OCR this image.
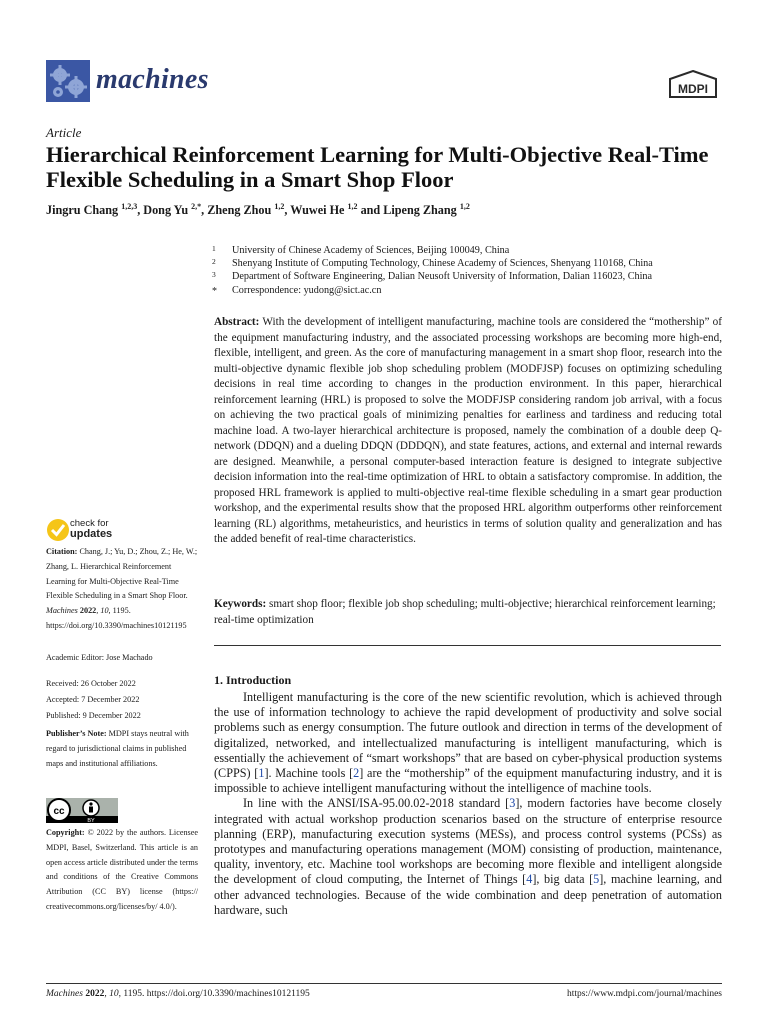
machines	MDPI
Article
Hierarchical Reinforcement Learning for Multi-Objective Real-Time Flexible Scheduling in a Smart Shop Floor
Jingru Chang $^{1,2,3}$, Dong Yu $^{2,*}$, Zheng Zhou $^{1,2}$, Wuwei He $^{1,2}$ and Lipeng Zhang $^{1,2}$
1 University of Chinese Academy of Sciences, Beijing 100049, China
2 Shenyang Institute of Computing Technology, Chinese Academy of Sciences, Shenyang 110168, China
3 Department of Software Engineering, Dalian Neusoft University of Information, Dalian 116023, China
* Correspondence: yudong@sict.ac.cn
Abstract: With the development of intelligent manufacturing, machine tools are considered the “mothership” of the equipment manufacturing industry, and the associated processing workshops are becoming more high-end, flexible, intelligent, and green. As the core of manufacturing management in a smart shop floor, research into the multi-objective dynamic flexible job shop scheduling problem (MODFJSP) focuses on optimizing scheduling decisions in real time according to changes in the production environment. In this paper, hierarchical reinforcement learning (HRL) is proposed to solve the MODFJSP considering random job arrival, with a focus on achieving the two practical goals of minimizing penalties for earliness and tardiness and reducing total machine load. A two-layer hierarchical architecture is proposed, namely the combination of a double deep Q-network (DDQN) and a dueling DDQN (DDDQN), and state features, actions, and external and internal rewards are designed. Meanwhile, a personal computer-based interaction feature is designed to integrate subjective decision information into the real-time optimization of HRL to obtain a satisfactory compromise. In addition, the proposed HRL framework is applied to multi-objective real-time flexible scheduling in a smart gear production workshop, and the experimental results show that the proposed HRL algorithm outperforms other reinforcement learning (RL) algorithms, metaheuristics, and heuristics in terms of solution quality and generalization and has the added benefit of real-time characteristics.
Keywords: smart shop floor; flexible job shop scheduling; multi-objective; hierarchical reinforcement learning; real-time optimization
check for
updates
Citation: Chang, J.; Yu, D.; Zhou, Z.; He, W.; Zhang, L. Hierarchical Reinforcement Learning for Multi-Objective Real-Time Flexible Scheduling in a Smart Shop Floor. Machines 2022, 10, 1195. https://doi.org/10.3390/machines10121195
Academic Editor: Jose Machado
Received: 26 October 2022
Accepted: 7 December 2022
Published: 9 December 2022
Publisher’s Note: MDPI stays neutral with regard to jurisdictional claims in published maps and institutional affiliations.
cc
BY
Copyright: © 2022 by the authors. Licensee MDPI, Basel, Switzerland. This article is an open access article distributed under the terms and conditions of the Creative Commons Attribution (CC BY) license (https:// creativecommons.org/licenses/by/ 4.0/).
1. Introduction

Intelligent manufacturing is the core of the new scientific revolution, which is achieved through the use of information technology to achieve the rapid development of productivity and solve social problems such as energy consumption. The future outlook and direction in terms of the development of digitalized, networked, and intellectualized manufacturing is intelligent manufacturing, which is essentially the achievement of “smart workshops” that are based on cyber-physical production systems (CPPS) [1]. Machine tools [2] are the “mothership” of the equipment manufacturing industry, and it is impossible to achieve intelligent manufacturing without the intelligence of machine tools.

In line with the ANSI/ISA-95.00.02-2018 standard [3], modern factories have become closely integrated with actual workshop production scenarios based on the structure of enterprise resource planning (ERP), manufacturing execution systems (MESs), and process control systems (PCSs) as prototypes and manufacturing operations management (MOM) consisting of production, maintenance, quality, inventory, etc. Machine tool workshops are becoming more flexible and intelligent alongside the development of cloud computing, the Internet of Things [4], big data [5], machine learning, and other advanced technologies. Because of the wide combination and deep penetration of automation hardware, such

Machines 2022, 10, 1195. https://doi.org/10.3390/machines10121195	https://www.mdpi.com/journal/machines
